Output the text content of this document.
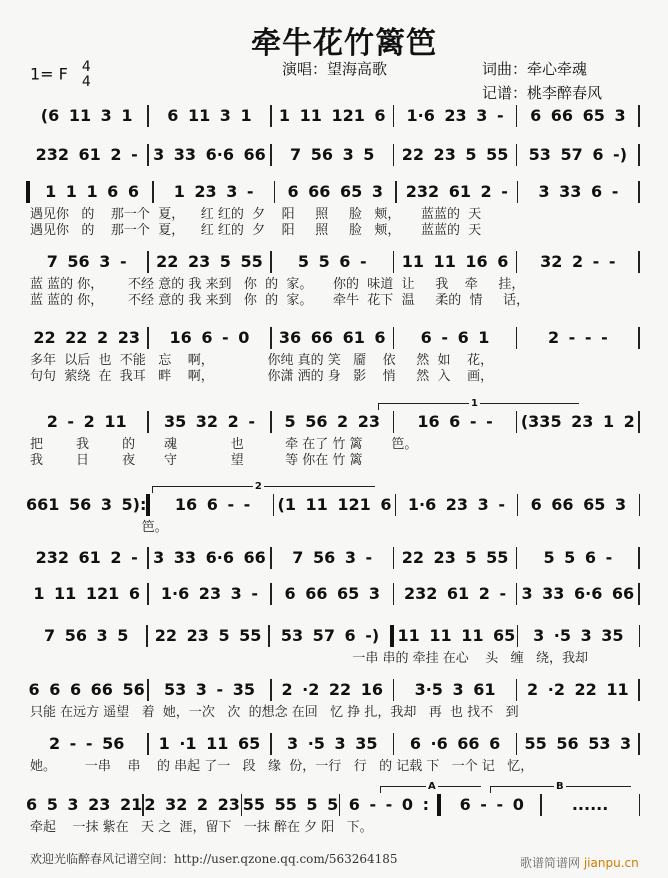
牵牛花竹篱笆
1= F 4
4
演唱：望海高歌	词曲：牵心牵魂
记谱：桃李醉春风
(6 11 3 1	6 11 3 1	1 11 121 6	1·6 23 3 -	6 66 65 3
232 61 2 - 3 33 6·6 66	7 56 3 5	22 23 5 55	53 57 6 -)
1 1 1 6 6	1 23 3 -	6 66 65 3	232 61 2 -	3 33 6 -
遇见你   的    那一个  夏，    红 红的  夕    阳     照     脸   颊，     蓝蓝的  天
遇见你   的    那一个  夏，    红 红的  夕    阳     照     脸   颊，     蓝蓝的  天
7 56 3 -	22 23 5 55	5 5 6 -	11 11 16 6	32 2 - -
蓝 蓝的 你，      不经 意的 我 来到   你  的  家。     你的  味道  让     我    牵     挂，
蓝 蓝的 你，      不经 意的 我 来到   你  的  家。     牵牛  花下  温     柔的  情     话，
22 22 2 23	16 6 - 0	36 66 61 6	6 - 6 1	2 - - -
多年  以后  也  不能   忘    啊，             你纯 真的 笑   靥    依     然  如    花，
句句  萦绕  在  我耳   畔    啊，             你潇 洒的 身   影    悄     然  入    画，
2 - 2 11	35 32 2 -	5 56 2 23	16 6 - -	(335 23 1 2
把        我        的       魂             也          牵 在了 竹 篱       笆。
我        日        夜       守             望          等 你在 竹 篱
1
661 56 3 5):	16 6 - -	(1 11 121 6	1·6 23 3 -	6 66 65 3
笆。
2
232 61 2 - 3 33 6·6 66	7 56 3 -	22 23 5 55	5 5 6 -
1 11 121 6	1·6 23 3 -	6 66 65 3	232 61 2 - 3 33 6·6 66
7 56 3 5	22 23 5 55	53 57 6 -)	11 11 11 65	3 ·5 3 35
一串 串的 牵挂 在心    头   缠   绕，我却
6 6 6 66 56	53 3 - 35	2 ·2 22 16	3·5 3 61	2 ·2 22 11
只能 在远方 遥望   着  她，一次   次  的想念 在回   忆 挣 扎，我却   再  也 找不   到
2 - - 56	1 ·1 11 65	3 ·5 3 35	6 ·6 66 6	55 56 53 3
她。       一串    串    的 串起 了一   段   缘  份，一行   行   的 记载 下   一个 记   忆，
6 5 3 23 21 2 32 2 23 55 55 5 5 6 - - 0 :	6 - - 0	......
牵起    一抹 紫在   天 之  涯，留下   一抹 醉在 夕 阳   下。
A	B
欢迎光临醉春风记谱空间：http://user.qzone.qq.com/563264185	歌谱简谱网 jianpu.cn
